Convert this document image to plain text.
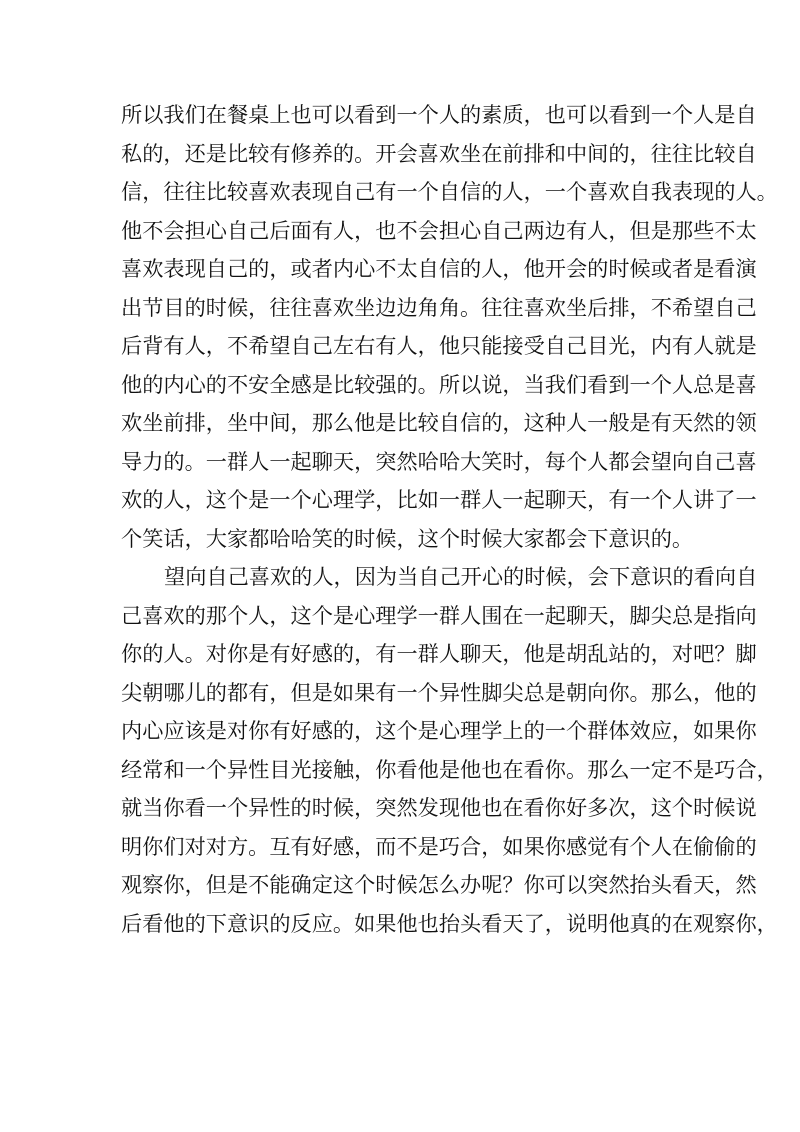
所以我们在餐桌上也可以看到一个人的素质，也可以看到一个人是自
私的，还是比较有修养的。开会喜欢坐在前排和中间的，往往比较自
信，往往比较喜欢表现自己有一个自信的人，一个喜欢自我表现的人。
他不会担心自己后面有人，也不会担心自己两边有人，但是那些不太
喜欢表现自己的，或者内心不太自信的人，他开会的时候或者是看演
出节目的时候，往往喜欢坐边边角角。往往喜欢坐后排，不希望自己
后背有人，不希望自己左右有人，他只能接受自己目光，内有人就是
他的内心的不安全感是比较强的。所以说，当我们看到一个人总是喜
欢坐前排，坐中间，那么他是比较自信的，这种人一般是有天然的领
导力的。一群人一起聊天，突然哈哈大笑时，每个人都会望向自己喜
欢的人，这个是一个心理学，比如一群人一起聊天，有一个人讲了一
个笑话，大家都哈哈笑的时候，这个时候大家都会下意识的。
望向自己喜欢的人，因为当自己开心的时候，会下意识的看向自
己喜欢的那个人，这个是心理学一群人围在一起聊天，脚尖总是指向
你的人。对你是有好感的，有一群人聊天，他是胡乱站的，对吧？脚
尖朝哪儿的都有，但是如果有一个异性脚尖总是朝向你。那么，他的
内心应该是对你有好感的，这个是心理学上的一个群体效应，如果你
经常和一个异性目光接触，你看他是他也在看你。那么一定不是巧合，
就当你看一个异性的时候，突然发现他也在看你好多次，这个时候说
明你们对对方。互有好感，而不是巧合，如果你感觉有个人在偷偷的
观察你，但是不能确定这个时候怎么办呢？你可以突然抬头看天，然
后看他的下意识的反应。如果他也抬头看天了，说明他真的在观察你，
